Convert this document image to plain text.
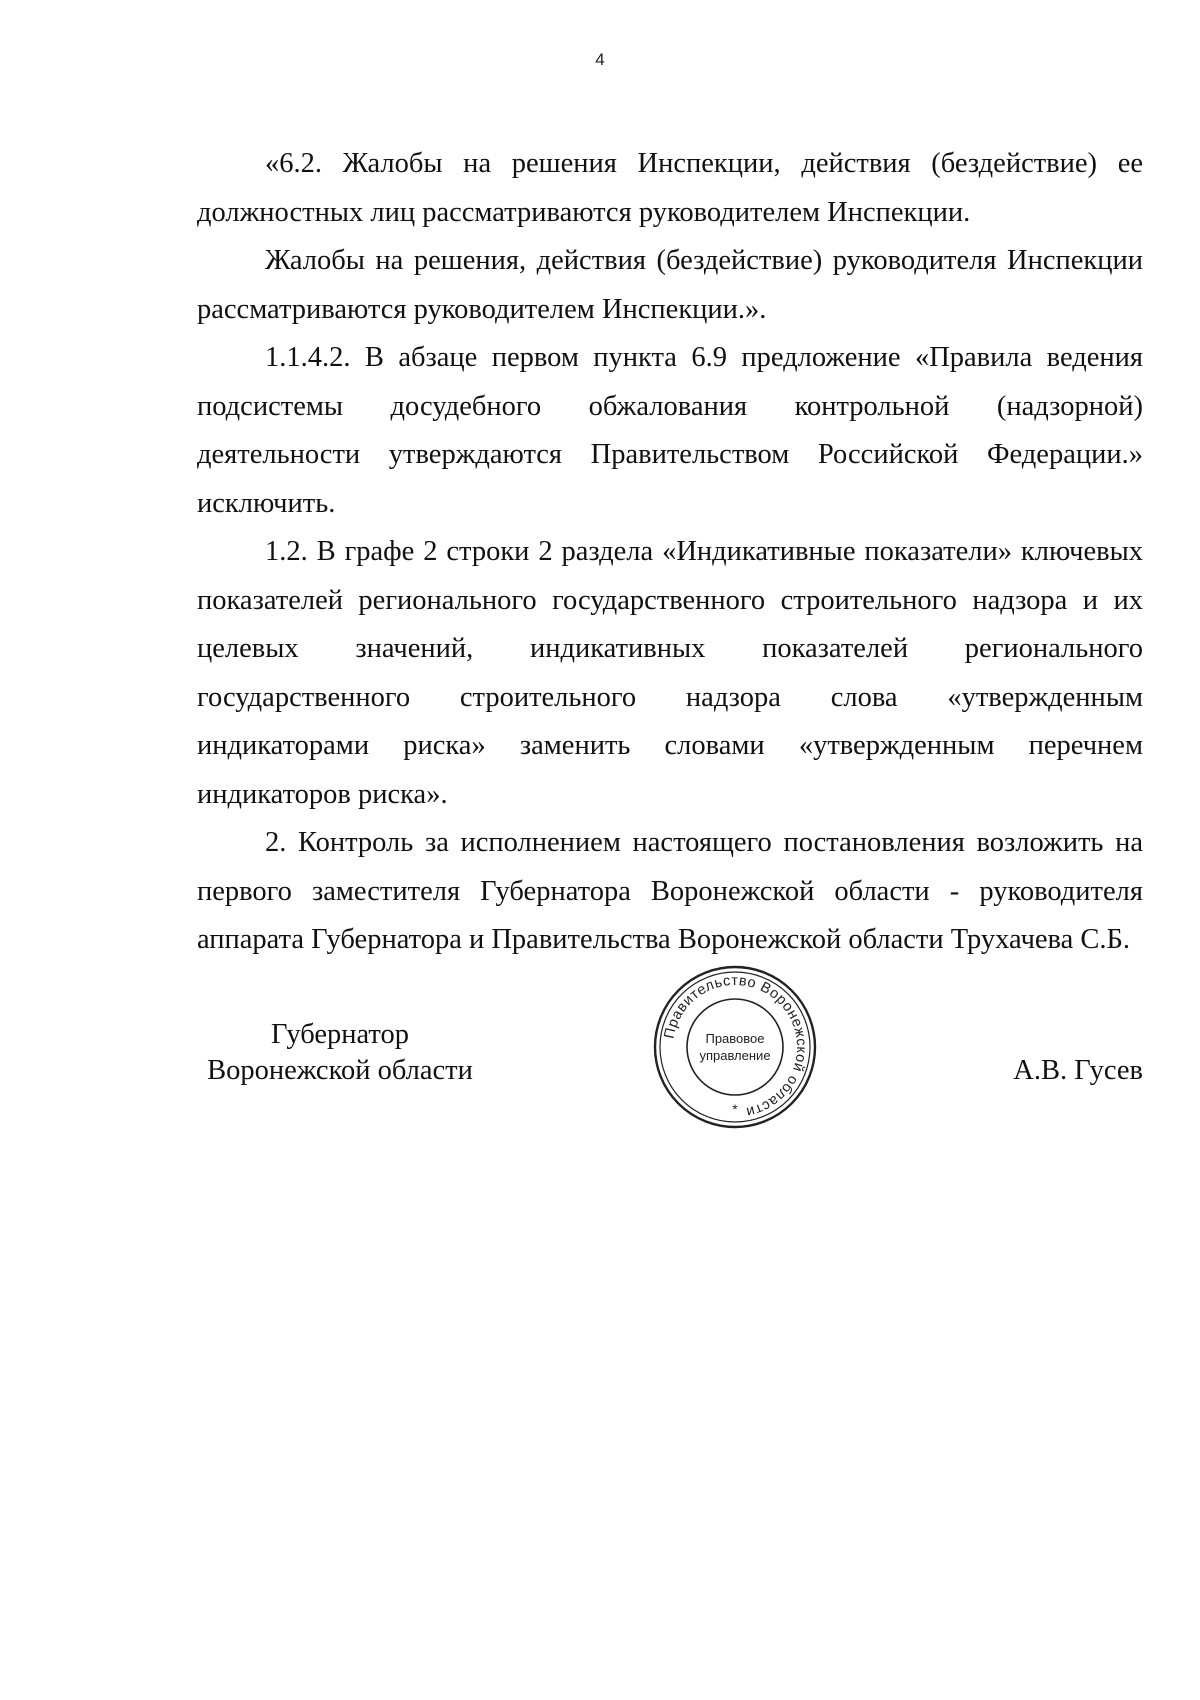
4

«6.2. Жалобы на решения Инспекции, действия (бездействие) ее должностных лиц рассматриваются руководителем Инспекции.

Жалобы на решения, действия (бездействие) руководителя Инспекции рассматриваются руководителем Инспекции.».

1.1.4.2. В абзаце первом пункта 6.9 предложение «Правила ведения подсистемы досудебного обжалования контрольной (надзорной) деятельности утверждаются Правительством Российской Федерации.» исключить.

1.2. В графе 2 строки 2 раздела «Индикативные показатели» ключевых показателей регионального государственного строительного надзора и их целевых значений, индикативных показателей регионального государственного строительного надзора слова «утвержденным индикаторами риска» заменить словами «утвержденным перечнем индикаторов риска».

2. Контроль за исполнением настоящего постановления возложить на первого заместителя Губернатора Воронежской области - руководителя аппарата Губернатора и Правительства Воронежской области Трухачева С.Б.

Губернатор
Воронежской области
Правительство Воронежской области
Правовое
управление
*
А.В. Гусев
